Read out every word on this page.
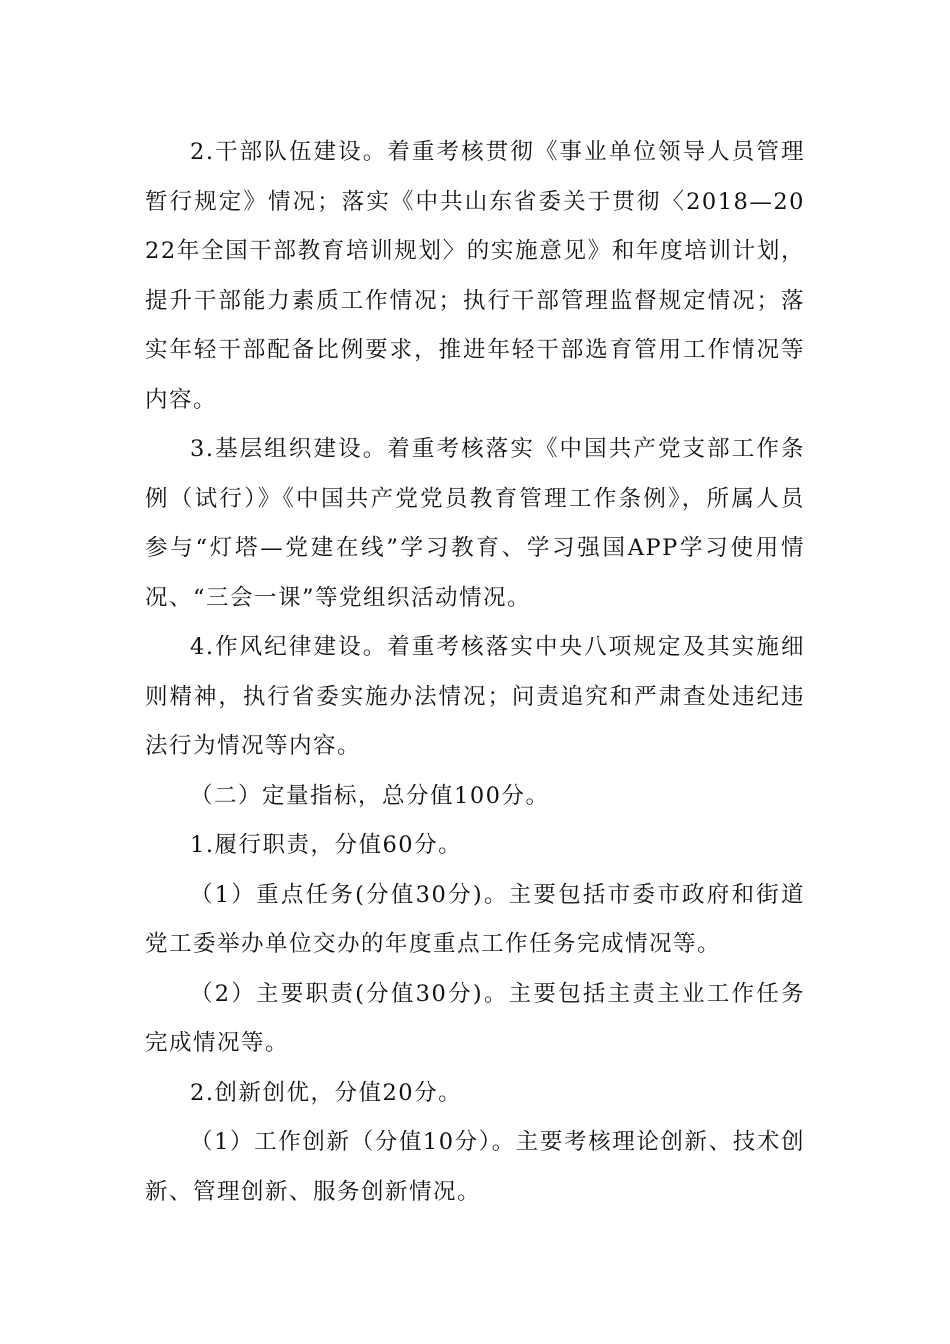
2.干部队伍建设。着重考核贯彻《事业单位领导人员管理暂行规定》情况；落实《中共山东省委关于贯彻〈2018—2022年全国干部教育培训规划〉的实施意见》和年度培训计划，提升干部能力素质工作情况；执行干部管理监督规定情况；落实年轻干部配备比例要求，推进年轻干部选育管用工作情况等内容。

3.基层组织建设。着重考核落实《中国共产党支部工作条例（试行）》《中国共产党党员教育管理工作条例》，所属人员参与“灯塔—党建在线”学习教育、学习强国APP学习使用情况、“三会一课”等党组织活动情况。

4.作风纪律建设。着重考核落实中央八项规定及其实施细则精神，执行省委实施办法情况；问责追究和严肃查处违纪违法行为情况等内容。

（二）定量指标，总分值100分。

1.履行职责，分值60分。

（1）重点任务(分值30分)。主要包括市委市政府和街道党工委举办单位交办的年度重点工作任务完成情况等。

（2）主要职责(分值30分)。主要包括主责主业工作任务完成情况等。

2.创新创优，分值20分。

（1）工作创新（分值10分）。主要考核理论创新、技术创新、管理创新、服务创新情况。
